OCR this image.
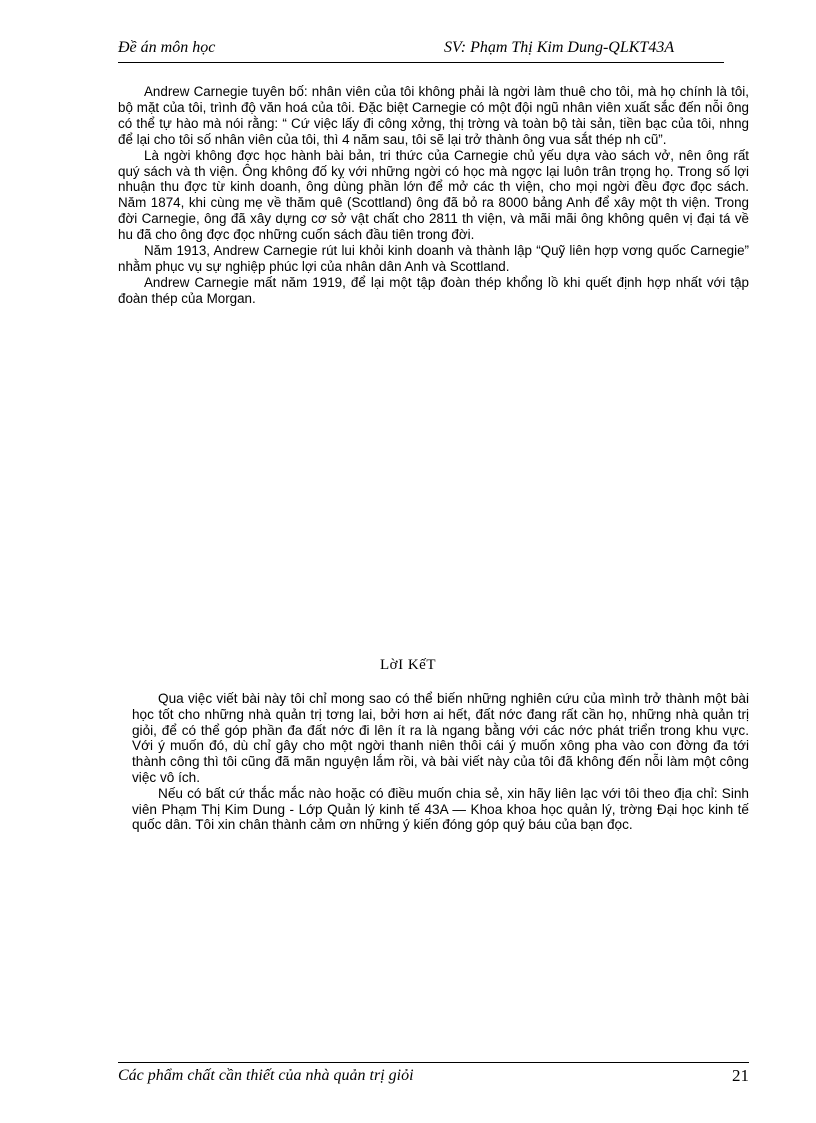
Đề án môn học	SV: Phạm Thị Kim Dung-QLKT43A

Andrew Carnegie tuyên bố: nhân viên của tôi không phải là ngời làm thuê cho tôi, mà họ chính là tôi, bộ mặt của tôi, trình độ văn hoá của tôi. Đặc biệt Carnegie có một đội ngũ nhân viên xuất sắc đến nỗi ông có thể tự hào mà nói rằng: “ Cứ việc lấy đi công xởng, thị trờng và toàn bộ tài sản, tiền bạc của tôi, nhng để lại cho tôi số nhân viên của tôi, thì 4 năm sau, tôi sẽ lại trở thành ông vua sắt thép nh cũ”.

Là ngời không đợc học hành bài bản, tri thức của Carnegie chủ yếu dựa vào sách vở, nên ông rất quý sách và th viện. Ông không đố kỵ với những ngời có học mà ngợc lại luôn trân trọng họ. Trong số lợi nhuận thu đợc từ kinh doanh, ông dùng phần lớn để mở các th viện, cho mọi ngời đều đợc đọc sách. Năm 1874, khi cùng mẹ về thăm quê (Scottland) ông đã bỏ ra 8000 bảng Anh để xây một th viện. Trong đời Carnegie, ông đã xây dựng cơ sở vật chất cho 2811 th viện, và mãi mãi ông không quên vị đại tá về hu đã cho ông đợc đọc những cuốn sách đầu tiên trong đời.

Năm 1913, Andrew Carnegie rút lui khỏi kinh doanh và thành lập “Quỹ liên hợp vơng quốc Carnegie” nhằm phục vụ sự nghiệp phúc lợi của nhân dân Anh và Scottland.

Andrew Carnegie mất năm 1919, để lại một tập đoàn thép khổng lồ khi quết định hợp nhất với tập đoàn thép của Morgan.

LờI KếT

Qua việc viết bài này tôi chỉ mong sao có thể biến những nghiên cứu của mình trở thành một bài học tốt cho những nhà quản trị tơng lai, bởi hơn ai hết, đất nớc đang rất cần họ, những nhà quản trị giỏi, để có thể góp phần đa đất nớc đi lên ít ra là ngang bằng với các nớc phát triển trong khu vực. Với ý muốn đó, dù chỉ gây cho một ngời thanh niên thôi cái ý muốn xông pha vào con đờng đa tới thành công thì tôi cũng đã mãn nguyện lắm rồi, và bài viết này của tôi đã không đến nỗi làm một công việc vô ích.

Nếu có bất cứ thắc mắc nào hoặc có điều muốn chia sẻ, xin hãy liên lạc với tôi theo địa chỉ: Sinh viên Phạm Thị Kim Dung - Lớp Quản lý kinh tế 43A — Khoa khoa học quản lý, trờng Đại học kinh tế quốc dân. Tôi xin chân thành cảm ơn những ý kiến đóng góp quý báu của bạn đọc.

Các phẩm chất cần thiết của nhà quản trị giỏi	21
